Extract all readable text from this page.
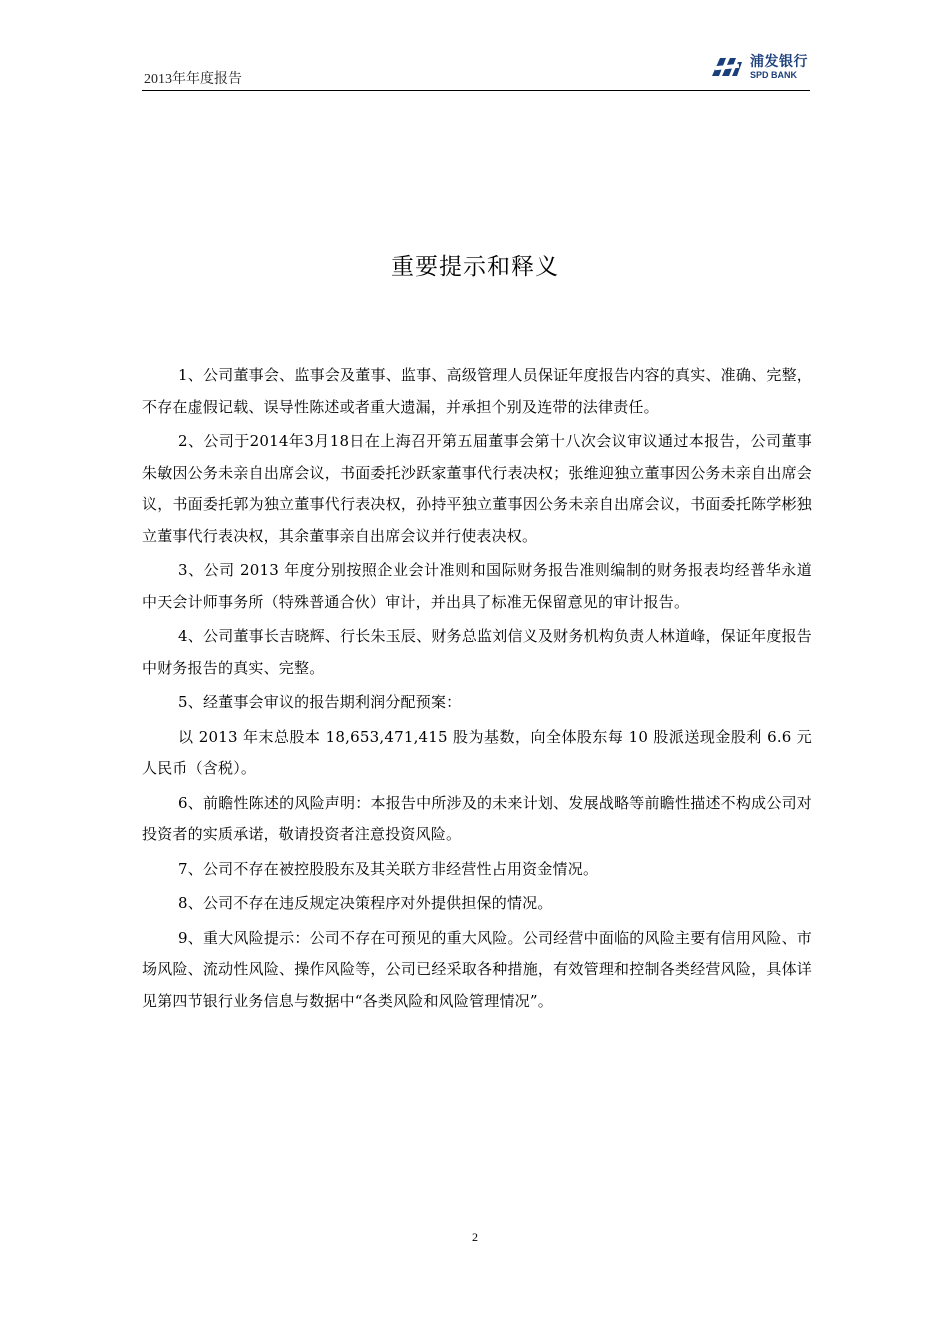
2013年年度报告
浦发银行
SPD BANK
重要提示和释义

1、公司董事会、监事会及董事、监事、高级管理人员保证年度报告内容的真实、准确、完整，不存在虚假记载、误导性陈述或者重大遗漏，并承担个别及连带的法律责任。

2、公司于2014年3月18日在上海召开第五届董事会第十八次会议审议通过本报告，公司董事朱敏因公务未亲自出席会议，书面委托沙跃家董事代行表决权；张维迎独立董事因公务未亲自出席会议，书面委托郭为独立董事代行表决权，孙持平独立董事因公务未亲自出席会议，书面委托陈学彬独立董事代行表决权，其余董事亲自出席会议并行使表决权。

3、公司 2013 年度分别按照企业会计准则和国际财务报告准则编制的财务报表均经普华永道中天会计师事务所（特殊普通合伙）审计，并出具了标准无保留意见的审计报告。

4、公司董事长吉晓辉、行长朱玉辰、财务总监刘信义及财务机构负责人林道峰，保证年度报告中财务报告的真实、完整。

5、经董事会审议的报告期利润分配预案：

以 2013 年末总股本 18,653,471,415 股为基数，向全体股东每 10 股派送现金股利 6.6 元人民币（含税）。

6、前瞻性陈述的风险声明：本报告中所涉及的未来计划、发展战略等前瞻性描述不构成公司对投资者的实质承诺，敬请投资者注意投资风险。

7、公司不存在被控股股东及其关联方非经营性占用资金情况。

8、公司不存在违反规定决策程序对外提供担保的情况。

9、重大风险提示：公司不存在可预见的重大风险。公司经营中面临的风险主要有信用风险、市场风险、流动性风险、操作风险等，公司已经采取各种措施，有效管理和控制各类经营风险，具体详见第四节银行业务信息与数据中“各类风险和风险管理情况”。

2
